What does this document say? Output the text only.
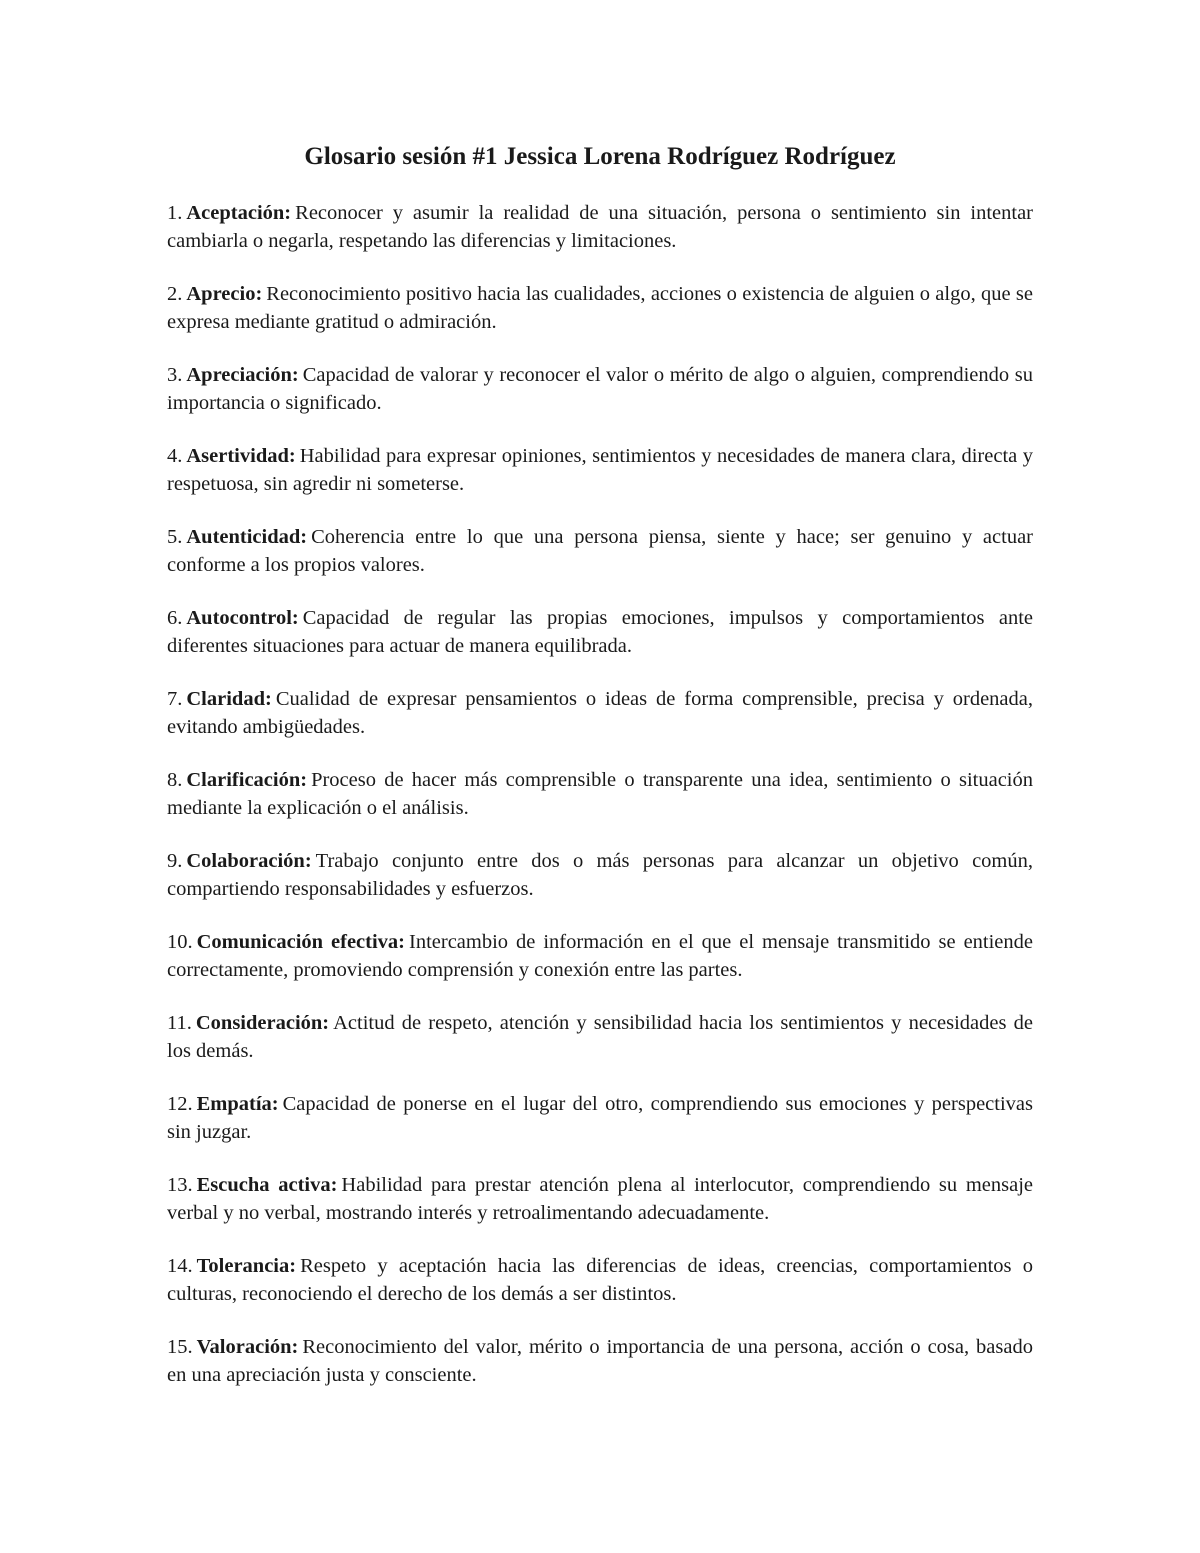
Glosario sesión #1 Jessica Lorena Rodríguez Rodríguez

1. Aceptación: Reconocer y asumir la realidad de una situación, persona o sentimiento sin intentar cambiarla o negarla, respetando las diferencias y limitaciones.

2. Aprecio: Reconocimiento positivo hacia las cualidades, acciones o existencia de alguien o algo, que se expresa mediante gratitud o admiración.

3. Apreciación: Capacidad de valorar y reconocer el valor o mérito de algo o alguien, comprendiendo su importancia o significado.

4. Asertividad: Habilidad para expresar opiniones, sentimientos y necesidades de manera clara, directa y respetuosa, sin agredir ni someterse.

5. Autenticidad: Coherencia entre lo que una persona piensa, siente y hace; ser genuino y actuar conforme a los propios valores.

6. Autocontrol: Capacidad de regular las propias emociones, impulsos y comportamientos ante diferentes situaciones para actuar de manera equilibrada.

7. Claridad: Cualidad de expresar pensamientos o ideas de forma comprensible, precisa y ordenada, evitando ambigüedades.

8. Clarificación: Proceso de hacer más comprensible o transparente una idea, sentimiento o situación mediante la explicación o el análisis.

9. Colaboración: Trabajo conjunto entre dos o más personas para alcanzar un objetivo común, compartiendo responsabilidades y esfuerzos.

10. Comunicación efectiva: Intercambio de información en el que el mensaje transmitido se entiende correctamente, promoviendo comprensión y conexión entre las partes.

11. Consideración: Actitud de respeto, atención y sensibilidad hacia los sentimientos y necesidades de los demás.

12. Empatía: Capacidad de ponerse en el lugar del otro, comprendiendo sus emociones y perspectivas sin juzgar.

13. Escucha activa: Habilidad para prestar atención plena al interlocutor, comprendiendo su mensaje verbal y no verbal, mostrando interés y retroalimentando adecuadamente.

14. Tolerancia: Respeto y aceptación hacia las diferencias de ideas, creencias, comportamientos o culturas, reconociendo el derecho de los demás a ser distintos.

15. Valoración: Reconocimiento del valor, mérito o importancia de una persona, acción o cosa, basado en una apreciación justa y consciente.
